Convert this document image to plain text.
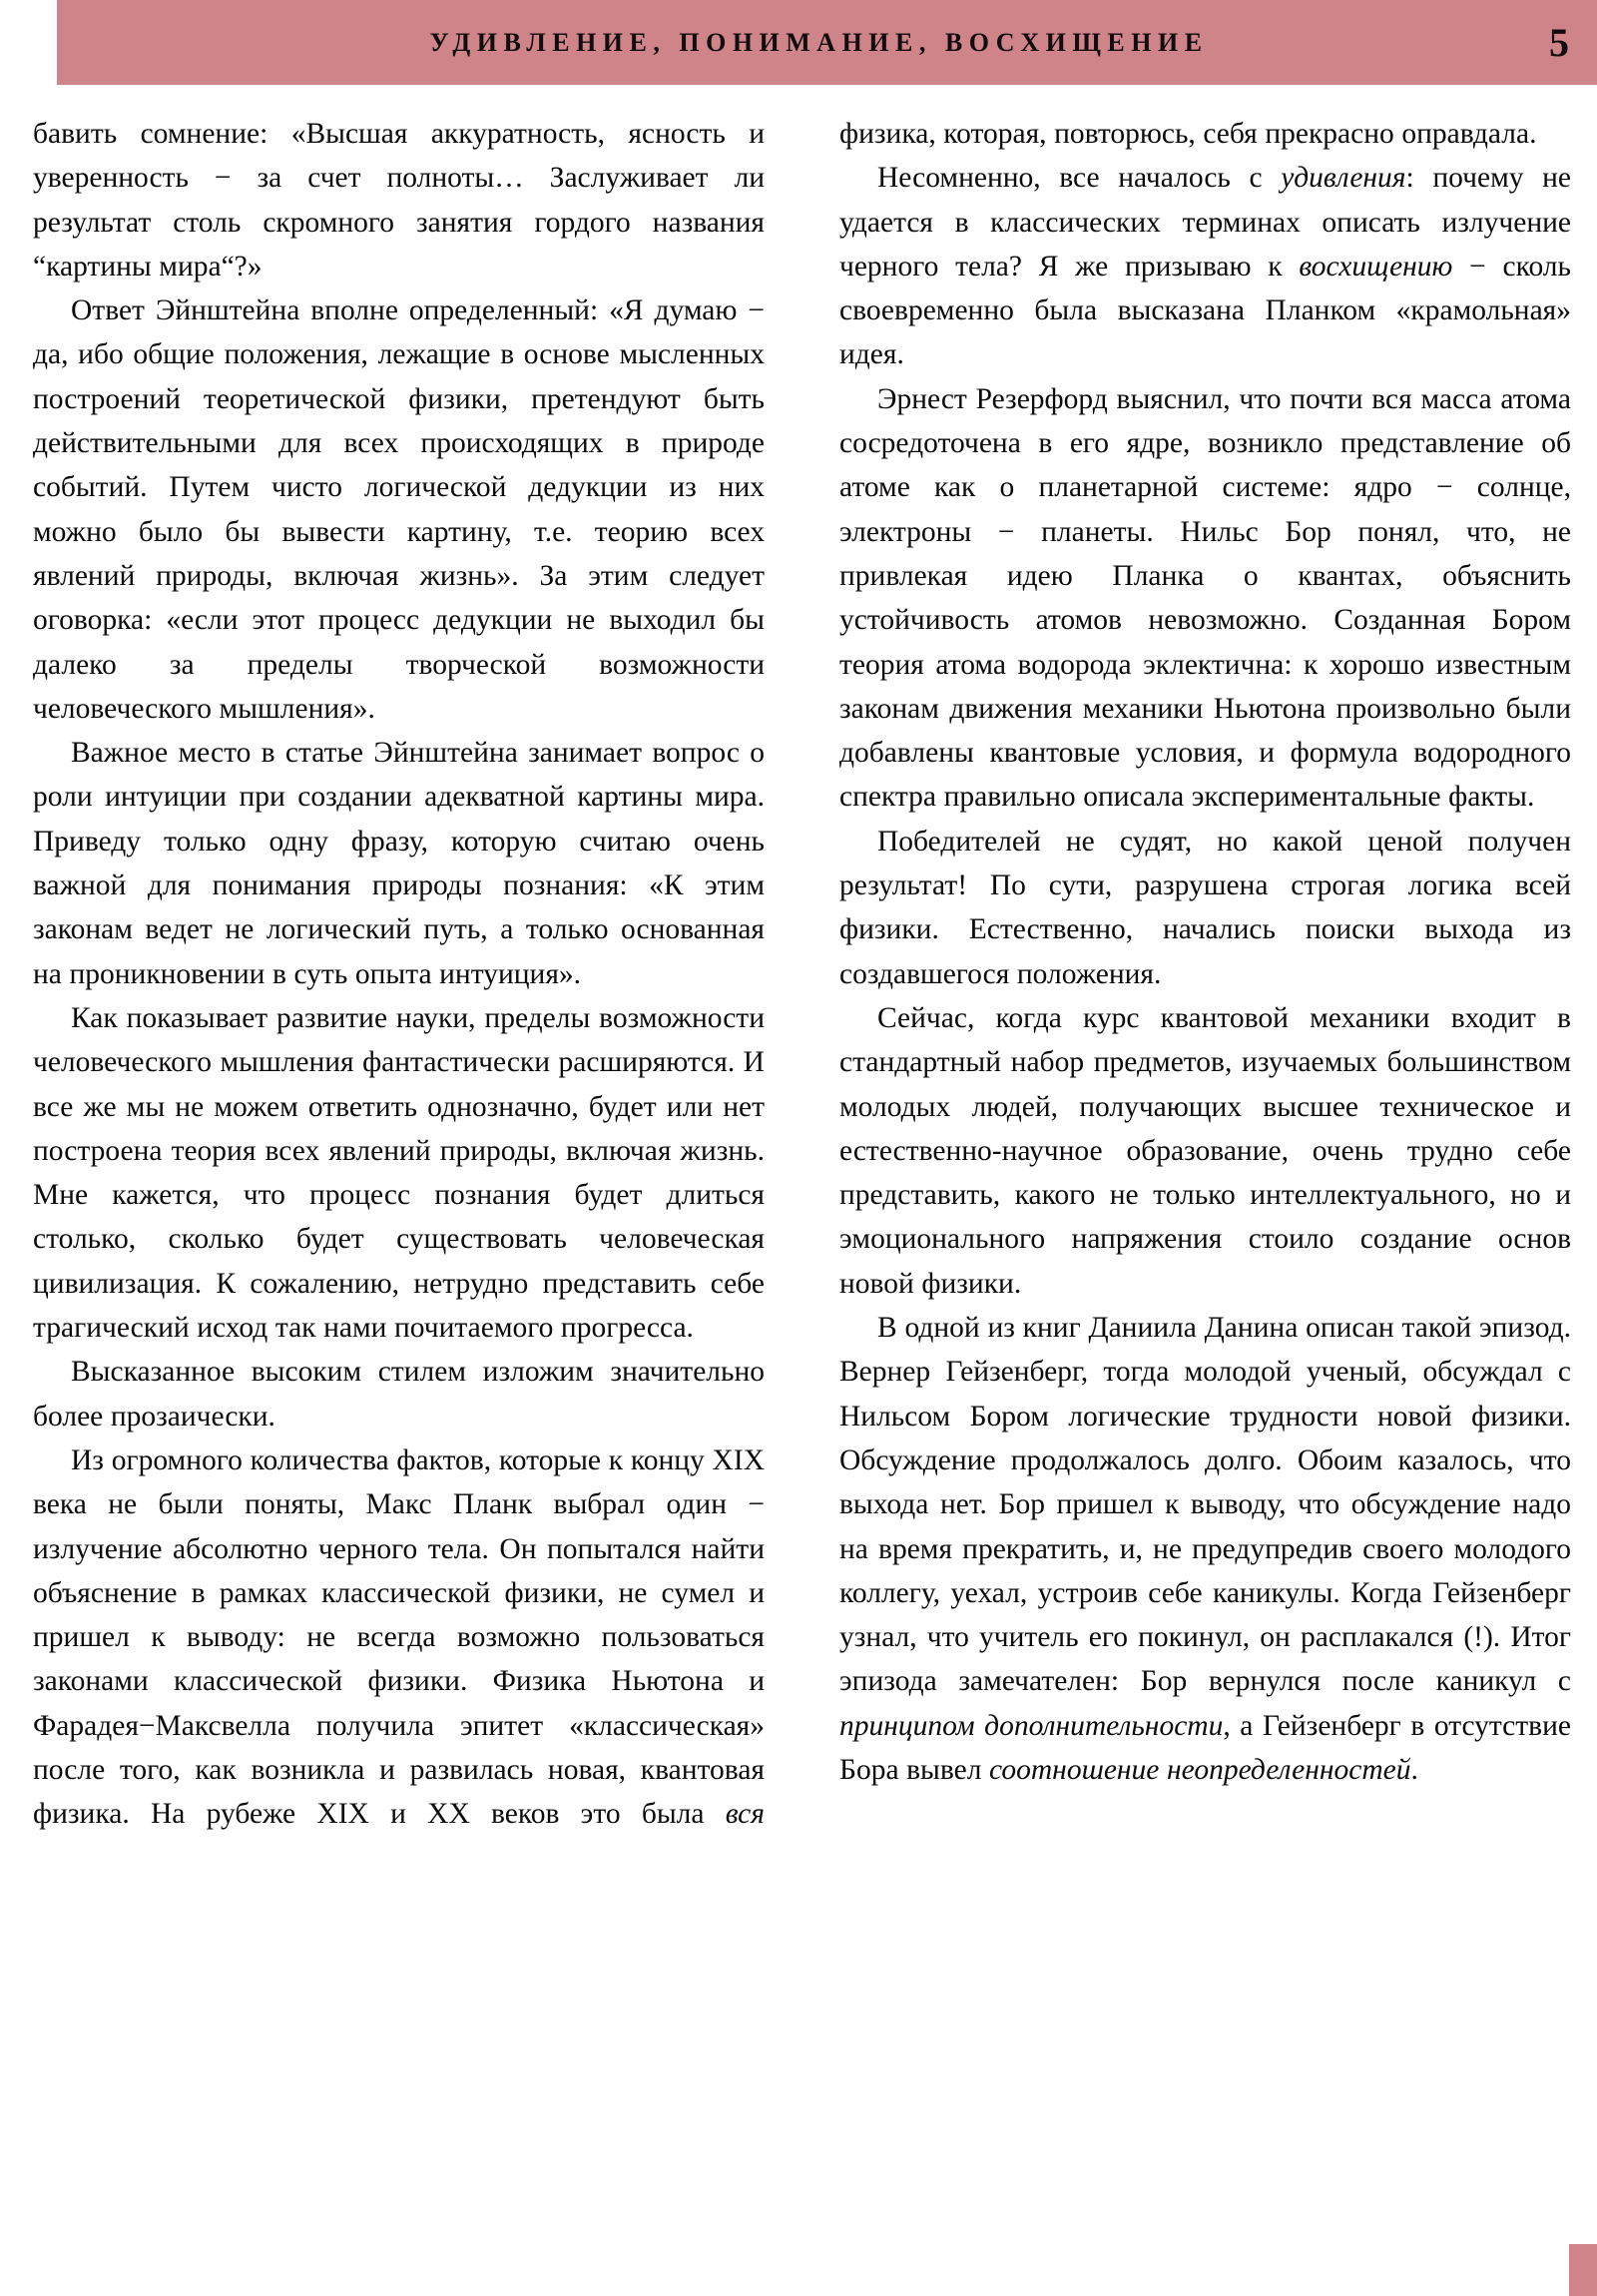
УДИВЛЕНИЕ, ПОНИМАНИЕ, ВОСХИЩЕНИЕ	5

бавить сомнение: «Высшая аккуратность, ясность и уверенность − за счет полноты… Заслуживает ли результат столь скромного занятия гордого названия “картины мира“?»

Ответ Эйнштейна вполне определенный: «Я думаю − да, ибо общие положения, лежащие в основе мысленных построений теоретической физики, претендуют быть действительными для всех происходящих в природе событий. Путем чисто логической дедукции из них можно было бы вывести картину, т.е. теорию всех явлений природы, включая жизнь». За этим следует оговорка: «если этот процесс дедукции не выходил бы далеко за пределы творческой возможности человеческого мышления».

Важное место в статье Эйнштейна занимает вопрос о роли интуиции при создании адекватной картины мира. Приведу только одну фразу, которую считаю очень важной для понимания природы познания: «К этим законам ведет не логический путь, а только основанная на проникновении в суть опыта интуиция».

Как показывает развитие науки, пределы возможности человеческого мышления фантастически расширяются. И все же мы не можем ответить однозначно, будет или нет построена теория всех явлений природы, включая жизнь. Мне кажется, что процесс познания будет длиться столько, сколько будет существовать человеческая цивилизация. К сожалению, нетрудно представить себе трагический исход так нами почитаемого прогресса.

Высказанное высоким стилем изложим значительно более прозаически.

Из огромного количества фактов, которые к концу XIX века не были поняты, Макс Планк выбрал один − излучение абсолютно черного тела. Он попытался найти объяснение в рамках классической физики, не сумел и пришел к выводу: не всегда возможно пользоваться законами классической физики. Физика Ньютона и Фарадея−Максвелла получила эпитет «классическая» после того, как возникла и развилась новая, квантовая физика. На рубеже XIX и XX веков это была вся

физика, которая, повторюсь, себя прекрасно оправдала.

Несомненно, все началось с удивления: почему не удается в классических терминах описать излучение черного тела? Я же призываю к восхищению − сколь своевременно была высказана Планком «крамольная» идея.

Эрнест Резерфорд выяснил, что почти вся масса атома сосредоточена в его ядре, возникло представление об атоме как о планетарной системе: ядро − солнце, электроны − планеты. Нильс Бор понял, что, не привлекая идею Планка о квантах, объяснить устойчивость атомов невозможно. Созданная Бором теория атома водорода эклектична: к хорошо известным законам движения механики Ньютона произвольно были добавлены квантовые условия, и формула водородного спектра правильно описала экспериментальные факты.

Победителей не судят, но какой ценой получен результат! По сути, разрушена строгая логика всей физики. Естественно, начались поиски выхода из создавшегося положения.

Сейчас, когда курс квантовой механики входит в стандартный набор предметов, изучаемых большинством молодых людей, получающих высшее техническое и естественно-научное образование, очень трудно себе представить, какого не только интеллектуального, но и эмоционального напряжения стоило создание основ новой физики.

В одной из книг Даниила Данина описан такой эпизод. Вернер Гейзенберг, тогда молодой ученый, обсуждал с Нильсом Бором логические трудности новой физики. Обсуждение продолжалось долго. Обоим казалось, что выхода нет. Бор пришел к выводу, что обсуждение надо на время прекратить, и, не предупредив своего молодого коллегу, уехал, устроив себе каникулы. Когда Гейзенберг узнал, что учитель его покинул, он расплакался (!). Итог эпизода замечателен: Бор вернулся после каникул с принципом дополнительности, а Гейзенберг в отсутствие Бора вывел соотношение неопределенностей.
